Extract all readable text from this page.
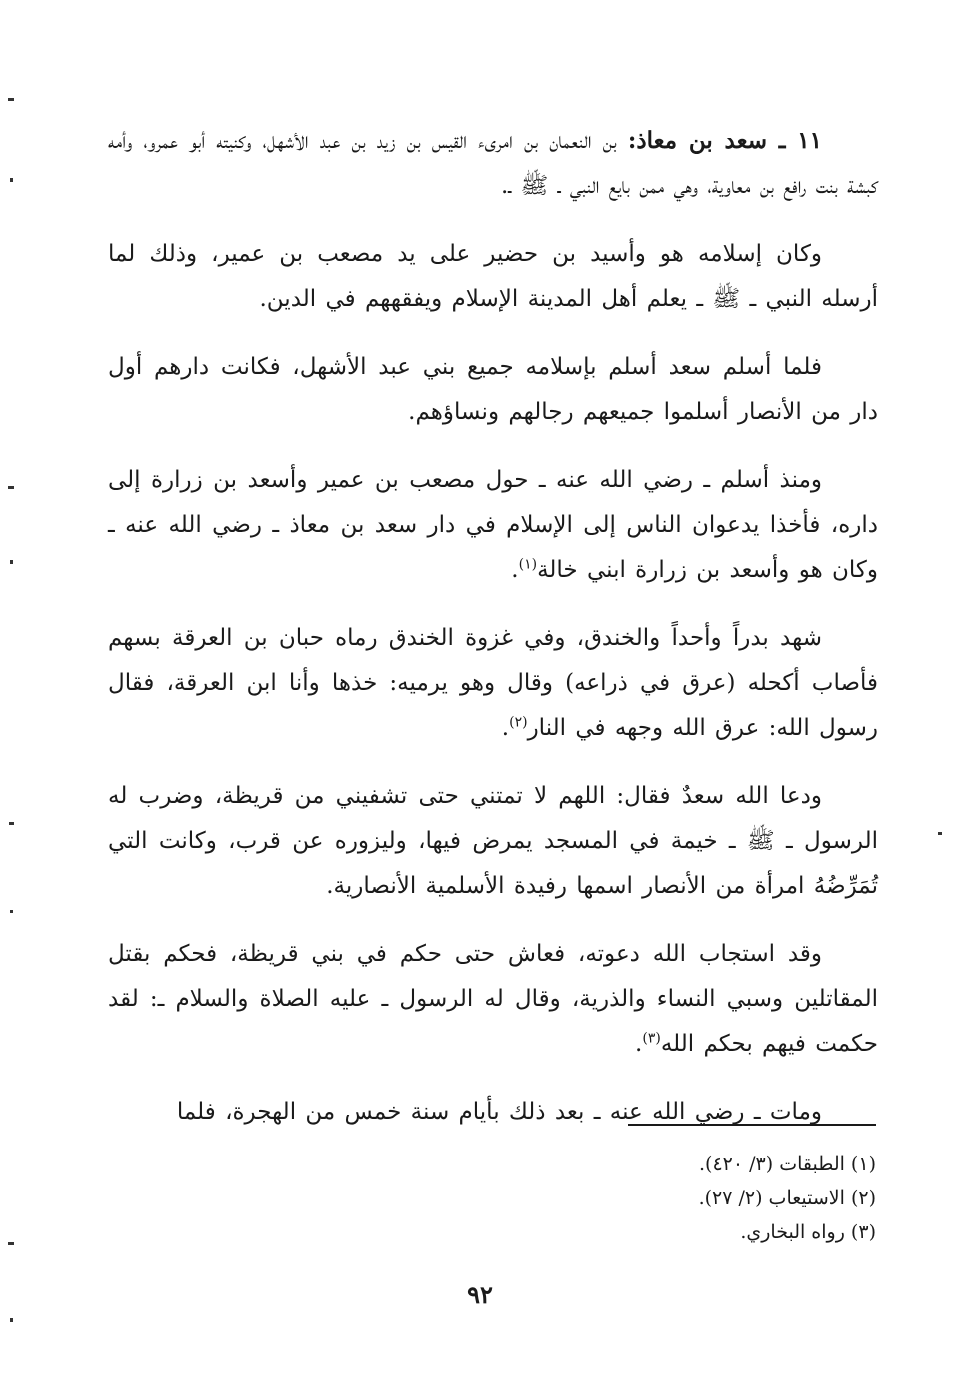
١١ ـ سعد بن معاذ: بن النعمان بن امرىء القيس بن زيد بن عبد الأشهل، وكنيته أبو عمرو، وأمه كبشة بنت رافع بن معاوية، وهي ممن بايع النبي ـ ﷺ ـ.

وكان إسلامه هو وأسيد بن حضير على يد مصعب بن عمير، وذلك لما أرسله النبي ـ ﷺ ـ يعلم أهل المدينة الإسلام ويفقههم في الدين.

فلما أسلم سعد أسلم بإسلامه جميع بني عبد الأشهل، فكانت دارهم أول دار من الأنصار أسلموا جميعهم رجالهم ونساؤهم.

ومنذ أسلم ـ رضي الله عنه ـ حول مصعب بن عمير وأسعد بن زرارة إلى داره، فأخذا يدعوان الناس إلى الإسلام في دار سعد بن معاذ ـ رضي الله عنه ـ وكان هو وأسعد بن زرارة ابني خالة$^{(١)}$.

شهد بدراً وأحداً والخندق، وفي غزوة الخندق رماه حبان بن العرقة بسهم فأصاب أكحله (عرق في ذراعه) وقال وهو يرميه: خذها وأنا ابن العرقة، فقال رسول الله: عرق الله وجهه في النار$^{(٢)}$.

ودعا الله سعدٌ فقال: اللهم لا تمتني حتى تشفيني من قريظة، وضرب له الرسول ـ ﷺ ـ خيمة في المسجد يمرض فيها، وليزوره عن قرب، وكانت التي تُمَرِّضُهُ امرأة من الأنصار اسمها رفيدة الأسلمية الأنصارية.

وقد استجاب الله دعوته، فعاش حتى حكم في بني قريظة، فحكم بقتل المقاتلين وسبي النساء والذرية، وقال له الرسول ـ عليه الصلاة والسلام ـ: لقد حكمت فيهم بحكم الله$^{(٣)}$.

ومات ـ رضي الله عنه ـ بعد ذلك بأيام سنة خمس من الهجرة، فلما

(١) الطبقات (٣/ ٤٢٠).

(٢) الاستيعاب (٢/ ٢٧).

(٣) رواه البخاري.

٩٢
